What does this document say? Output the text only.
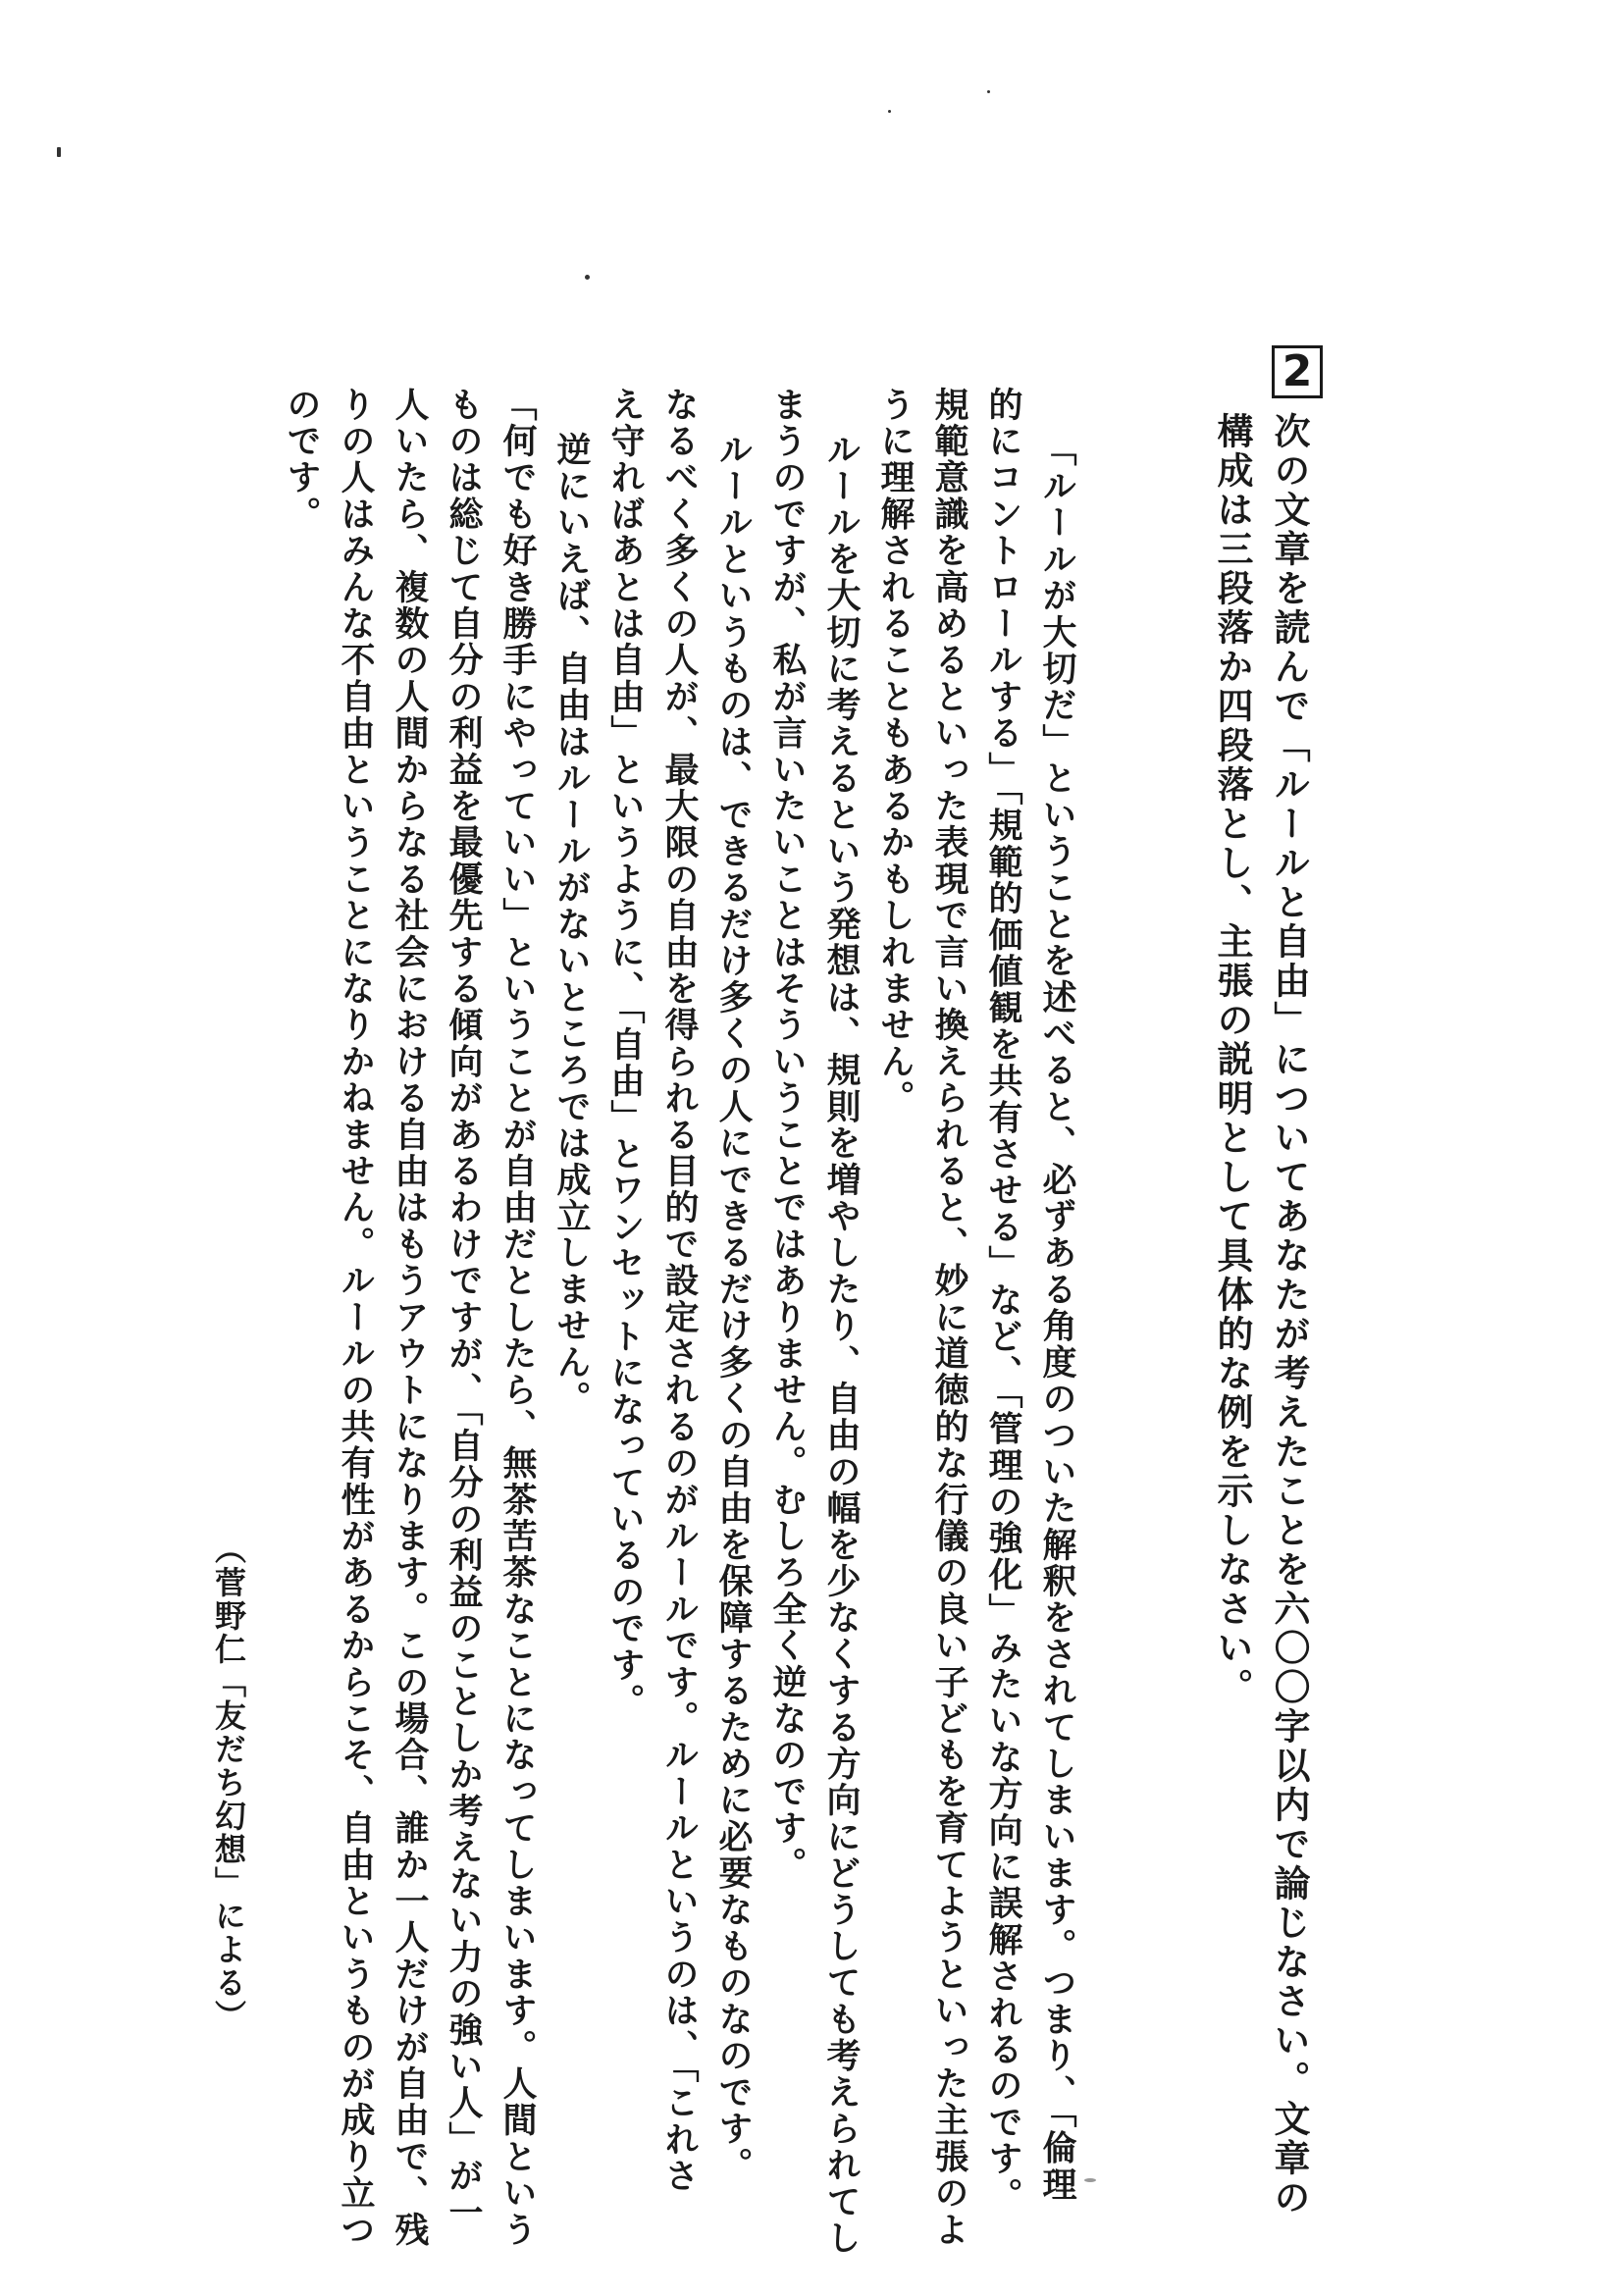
2
次の文章を読んで「ルールと自由」についてあなたが考えたことを六〇〇字以内で論じなさい。文章の
構成は三段落か四段落とし、主張の説明として具体的な例を示しなさい。
「ルールが大切だ」ということを述べると、必ずある角度のついた解釈をされてしまいます。つまり、「倫理
的にコントロールする」「規範的価値観を共有させる」など、「管理の強化」みたいな方向に誤解されるのです。
規範意識を高めるといった表現で言い換えられると、妙に道徳的な行儀の良い子どもを育てようといった主張のよ
うに理解されることもあるかもしれません。
ルールを大切に考えるという発想は、規則を増やしたり、自由の幅を少なくする方向にどうしても考えられてし
まうのですが、私が言いたいことはそういうことではありません。むしろ全く逆なのです。
ルールというものは、できるだけ多くの人にできるだけ多くの自由を保障するために必要なものなのです。
なるべく多くの人が、最大限の自由を得られる目的で設定されるのがルールです。ルールというのは、「これさ
え守ればあとは自由」というように、「自由」とワンセットになっているのです。
逆にいえば、自由はルールがないところでは成立しません。
「何でも好き勝手にやっていい」ということが自由だとしたら、無茶苦茶なことになってしまいます。人間という
ものは総じて自分の利益を最優先する傾向があるわけですが、「自分の利益のことしか考えない力の強い人」が一
人いたら、複数の人間からなる社会における自由はもうアウトになります。この場合、誰か一人だけが自由で、残
りの人はみんな不自由ということになりかねません。ルールの共有性があるからこそ、自由というものが成り立つ
のです。
（菅野仁「友だち幻想」による）
